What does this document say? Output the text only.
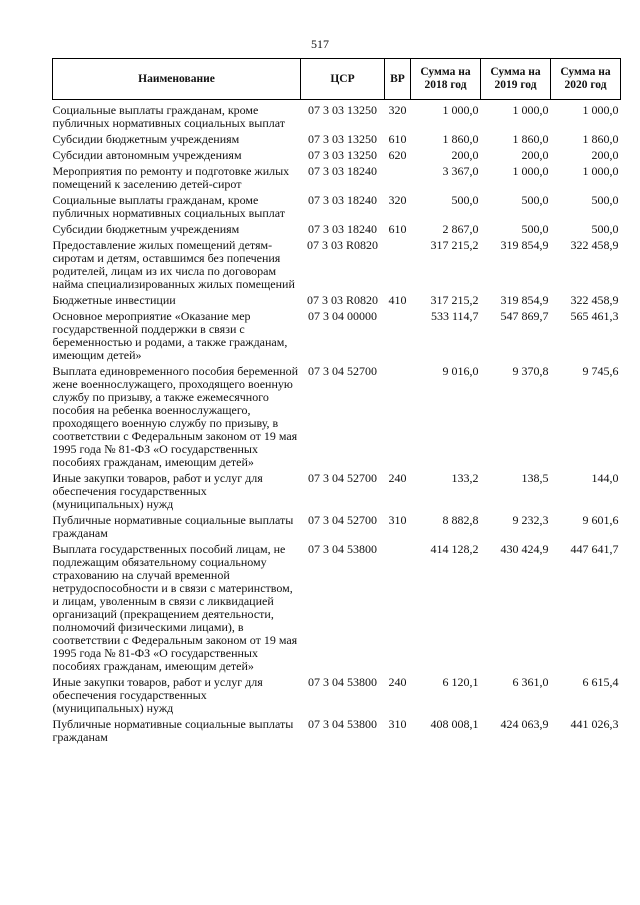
517
Наименование	ЦСР	ВР	Сумма на 2018 год	Сумма на 2019 год	Сумма на 2020 год
Социальные выплаты гражданам, кроме публичных нормативных социальных выплат	07 3 03 13250	320	1 000,0	1 000,0	1 000,0
Субсидии бюджетным учреждениям	07 3 03 13250	610	1 860,0	1 860,0	1 860,0
Субсидии автономным учреждениям	07 3 03 13250	620	200,0	200,0	200,0
Мероприятия по ремонту и подготовке жилых помещений к заселению детей-сирот	07 3 03 18240		3 367,0	1 000,0	1 000,0
Социальные выплаты гражданам, кроме публичных нормативных социальных выплат	07 3 03 18240	320	500,0	500,0	500,0
Субсидии бюджетным учреждениям	07 3 03 18240	610	2 867,0	500,0	500,0
Предоставление жилых помещений детям-сиротам и детям, оставшимся без попечения родителей, лицам из их числа по договорам найма специализированных жилых помещений	07 3 03 R0820		317 215,2	319 854,9	322 458,9
Бюджетные инвестиции	07 3 03 R0820	410	317 215,2	319 854,9	322 458,9
Основное мероприятие «Оказание мер государственной поддержки в связи с беременностью и родами, а также гражданам, имеющим детей»	07 3 04 00000		533 114,7	547 869,7	565 461,3
Выплата единовременного пособия беременной жене военнослужащего, проходящего военную службу по призыву, а также ежемесячного пособия на ребенка военнослужащего, проходящего военную службу по призыву, в соответствии с Федеральным законом от 19 мая 1995 года № 81-ФЗ «О государственных пособиях гражданам, имеющим детей»	07 3 04 52700		9 016,0	9 370,8	9 745,6
Иные закупки товаров, работ и услуг для обеспечения государственных (муниципальных) нужд	07 3 04 52700	240	133,2	138,5	144,0
Публичные нормативные социальные выплаты гражданам	07 3 04 52700	310	8 882,8	9 232,3	9 601,6
Выплата государственных пособий лицам, не подлежащим обязательному социальному страхованию на случай временной нетрудоспособности и в связи с материнством, и лицам, уволенным в связи с ликвидацией организаций (прекращением деятельности, полномочий физическими лицами), в соответствии с Федеральным законом от 19 мая 1995 года № 81-ФЗ «О государственных пособиях гражданам, имеющим детей»	07 3 04 53800		414 128,2	430 424,9	447 641,7
Иные закупки товаров, работ и услуг для обеспечения государственных (муниципальных) нужд	07 3 04 53800	240	6 120,1	6 361,0	6 615,4
Публичные нормативные социальные выплаты гражданам	07 3 04 53800	310	408 008,1	424 063,9	441 026,3
